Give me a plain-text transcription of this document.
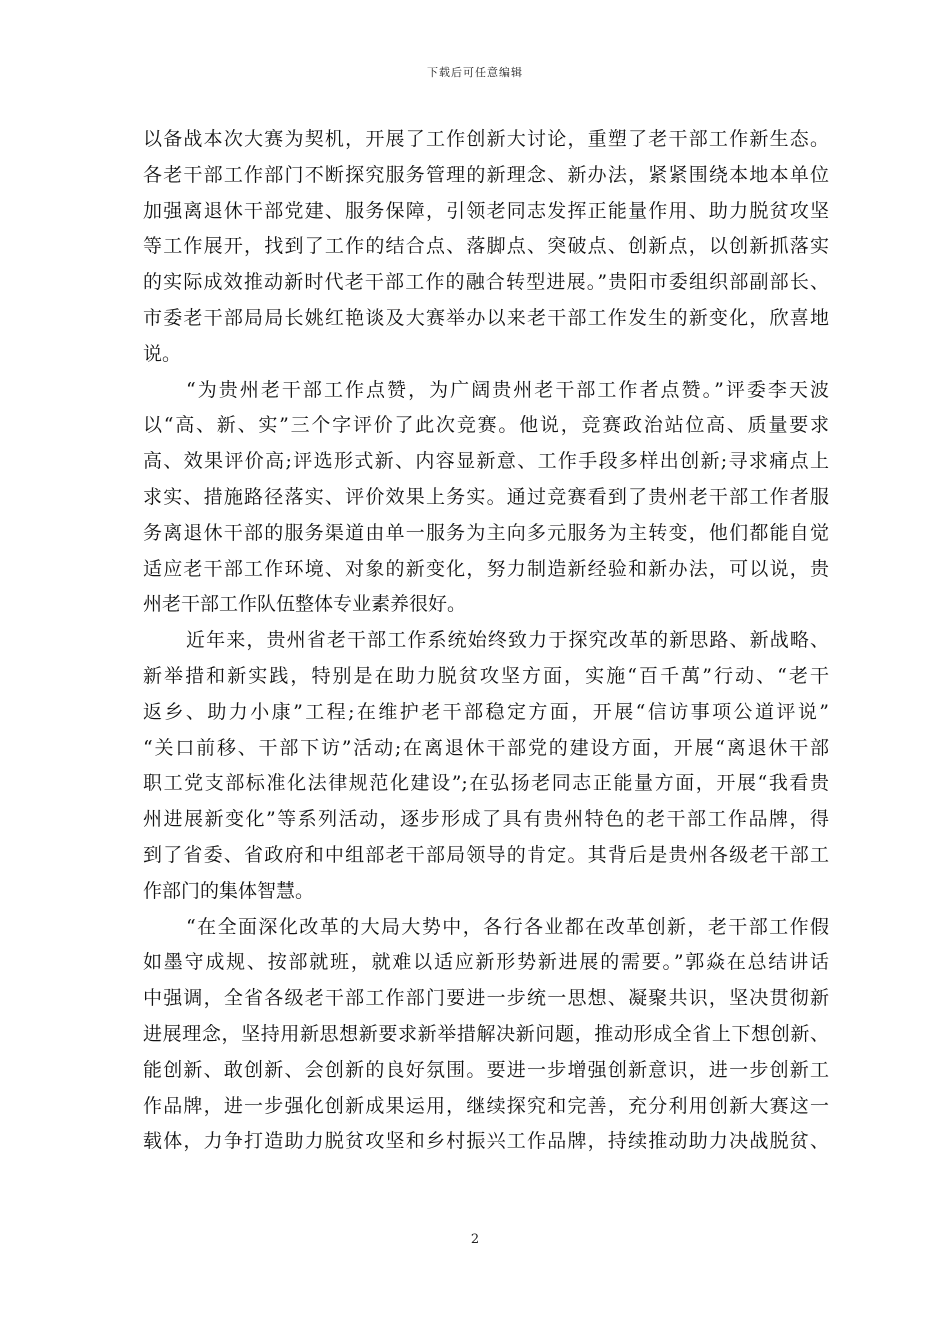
下载后可任意编辑
以备战本次大赛为契机，开展了工作创新大讨论，重塑了老干部工作新生态。
各老干部工作部门不断探究服务管理的新理念、新办法，紧紧围绕本地本单位
加强离退休干部党建、服务保障，引领老同志发挥正能量作用、助力脱贫攻坚
等工作展开，找到了工作的结合点、落脚点、突破点、创新点，以创新抓落实
的实际成效推动新时代老干部工作的融合转型进展。”贵阳市委组织部副部长、
市委老干部局局长姚红艳谈及大赛举办以来老干部工作发生的新变化，欣喜地
说。
“为贵州老干部工作点赞，为广阔贵州老干部工作者点赞。”评委李天波
以“高、新、实”三个字评价了此次竞赛。他说，竞赛政治站位高、质量要求
高、效果评价高;评选形式新、内容显新意、工作手段多样出创新;寻求痛点上
求实、措施路径落实、评价效果上务实。通过竞赛看到了贵州老干部工作者服
务离退休干部的服务渠道由单一服务为主向多元服务为主转变，他们都能自觉
适应老干部工作环境、对象的新变化，努力制造新经验和新办法，可以说，贵
州老干部工作队伍整体专业素养很好。
近年来，贵州省老干部工作系统始终致力于探究改革的新思路、新战略、
新举措和新实践，特别是在助力脱贫攻坚方面，实施“百千萬”行动、“老干
返乡、助力小康”工程;在维护老干部稳定方面，开展“信访事项公道评说”
“关口前移、干部下访”活动;在离退休干部党的建设方面，开展“离退休干部
职工党支部标准化法律规范化建设”;在弘扬老同志正能量方面，开展“我看贵
州进展新变化”等系列活动，逐步形成了具有贵州特色的老干部工作品牌，得
到了省委、省政府和中组部老干部局领导的肯定。其背后是贵州各级老干部工
作部门的集体智慧。
“在全面深化改革的大局大势中，各行各业都在改革创新，老干部工作假
如墨守成规、按部就班，就难以适应新形势新进展的需要。”郭焱在总结讲话
中强调，全省各级老干部工作部门要进一步统一思想、凝聚共识，坚决贯彻新
进展理念，坚持用新思想新要求新举措解决新问题，推动形成全省上下想创新、
能创新、敢创新、会创新的良好氛围。要进一步增强创新意识，进一步创新工
作品牌，进一步强化创新成果运用，继续探究和完善，充分利用创新大赛这一
载体，力争打造助力脱贫攻坚和乡村振兴工作品牌，持续推动助力决战脱贫、
2
